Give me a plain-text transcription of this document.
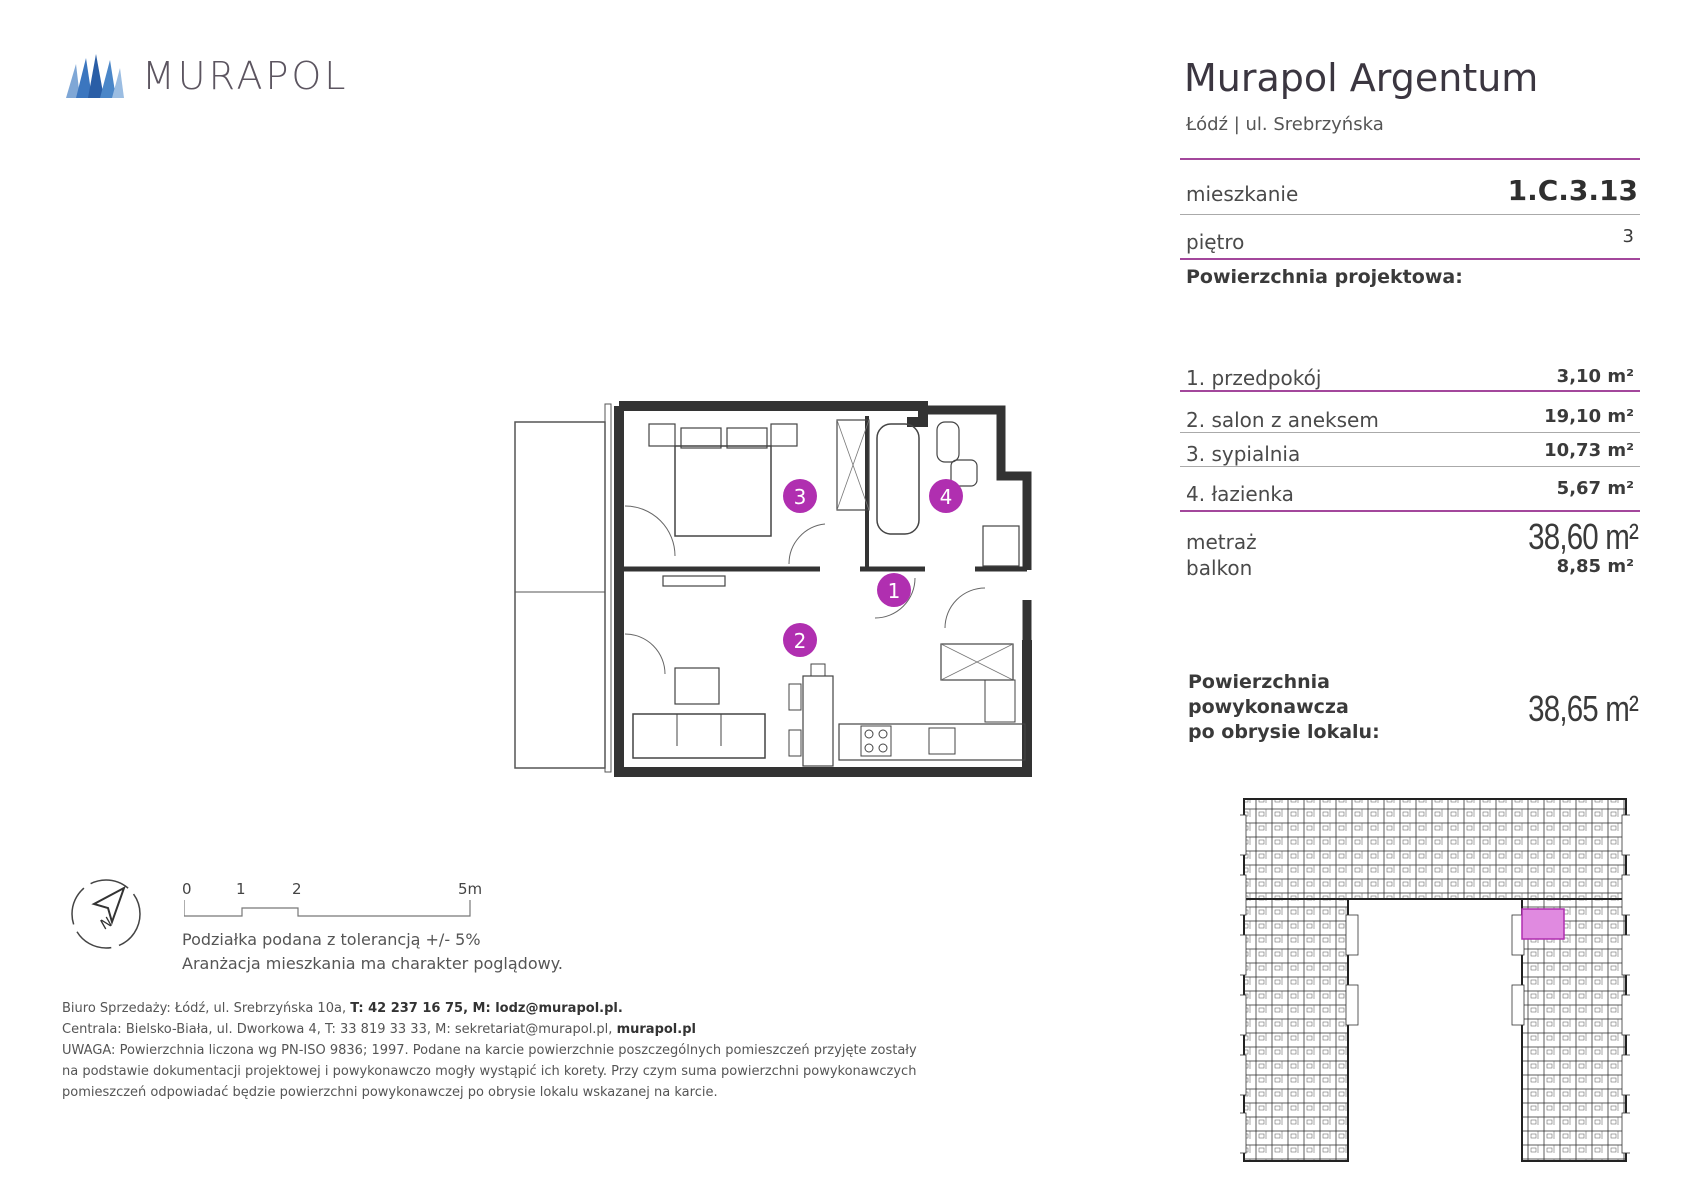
MURAPOL	Murapol Argentum
Łódź | ul. Srebrzyńska
mieszkanie	1.C.3.13
piętro	3
Powierzchnia projektowa:
1. przedpokój	3,10 m²
2. salon z aneksem	19,10 m²
3. sypialnia	10,73 m²
4. łazienka	5,67 m²
metraż	38,60 m²
balkon	8,85 m²
Powierzchnia
powykonawcza
po obrysie lokalu:
38,65 m²
3	4
1
2
N
0	1	2	5m
Podziałka podana z tolerancją +/- 5%
Aranżacja mieszkania ma charakter poglądowy.
Biuro Sprzedaży: Łódź, ul. Srebrzyńska 10a, T: 42 237 16 75, M: lodz@murapol.pl.
Centrala: Bielsko-Biała, ul. Dworkowa 4, T: 33 819 33 33, M: sekretariat@murapol.pl, murapol.pl
UWAGA: Powierzchnia liczona wg PN-ISO 9836; 1997. Podane na karcie powierzchnie poszczególnych pomieszczeń przyjęte zostały
na podstawie dokumentacji projektowej i powykonawczo mogły wystąpić ich korety. Przy czym suma powierzchni powykonawczych
pomieszczeń odpowiadać będzie powierzchni powykonawczej po obrysie lokalu wskazanej na karcie.
